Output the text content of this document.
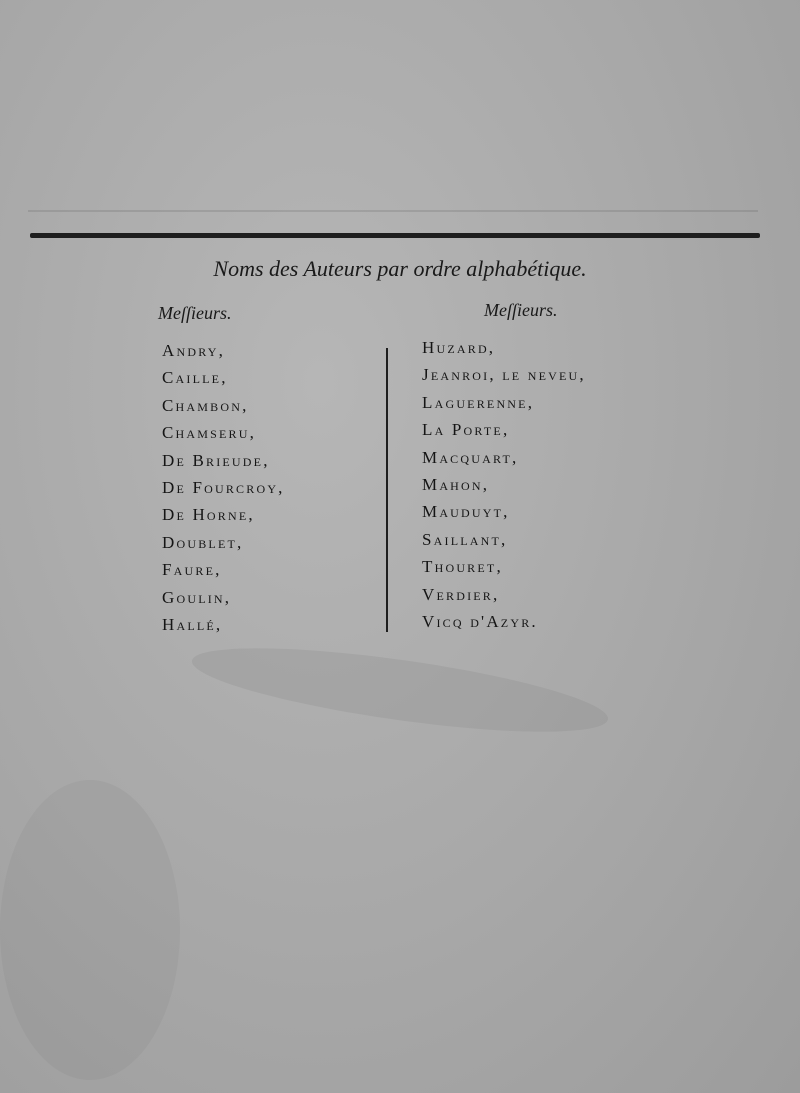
Noms des Auteurs par ordre alphabétique.
Meſſieurs.	Meſſieurs.
Andry,
Caille,
Chambon,
Chamseru,
De Brieude,
De Fourcroy,
De Horne,
Doublet,
Faure,
Goulin,
Hallé,
Huzard,
Jeanroi, le neveu,
Laguerenne,
La Porte,
Macquart,
Mahon,
Mauduyt,
Saillant,
Thouret,
Verdier,
Vicq d'Azyr.
